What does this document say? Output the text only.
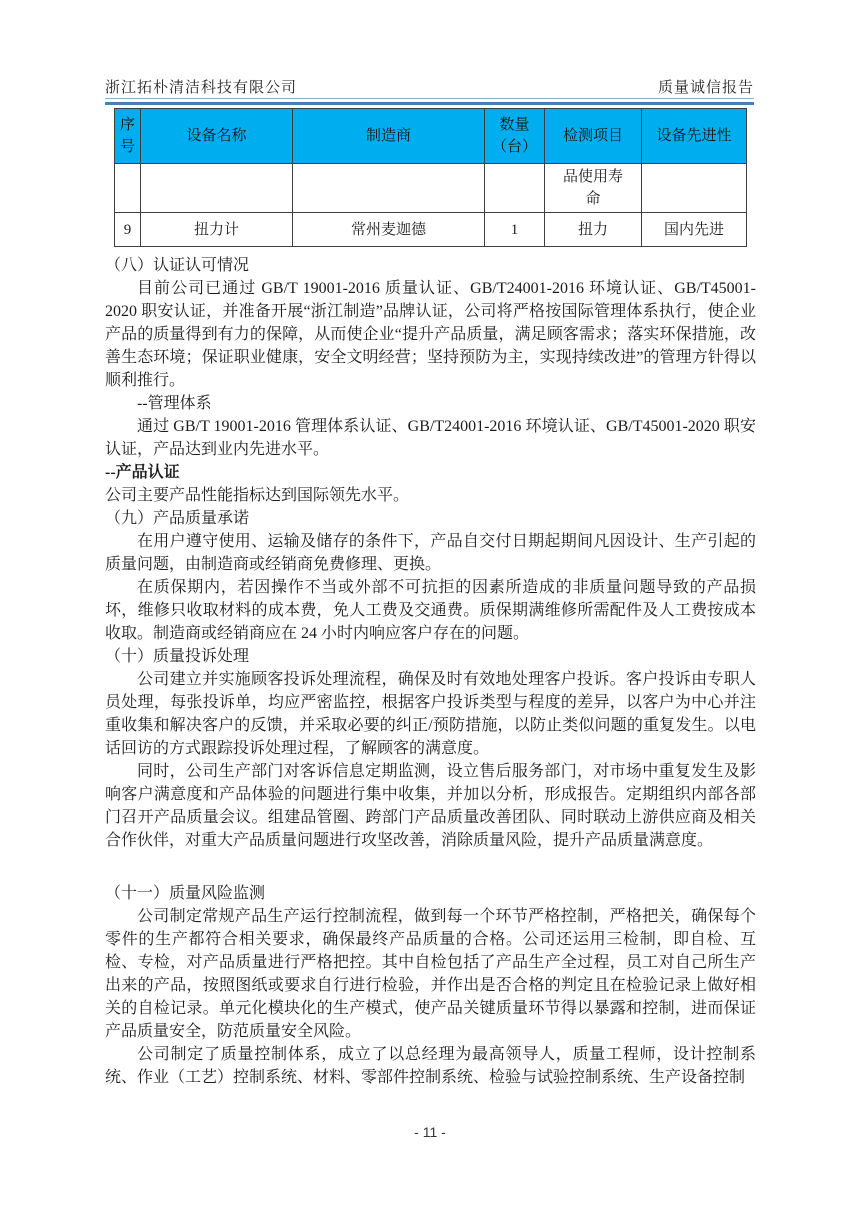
浙江拓朴清洁科技有限公司	质量诚信报告
序号	设备名称	制造商	数量（台）	检测项目	设备先进性
				品使用寿命	
9	扭力计	常州麦迦德	1	扭力	国内先进

（八）认证认可情况

目前公司已通过 GB/T 19001-2016 质量认证、GB/T24001-2016 环境认证、GB/T45001-2020 职安认证，并准备开展“浙江制造”品牌认证，公司将严格按国际管理体系执行，使企业产品的质量得到有力的保障，从而使企业“提升产品质量，满足顾客需求；落实环保措施，改善生态环境；保证职业健康，安全文明经营；坚持预防为主，实现持续改进”的管理方针得以顺利推行。

--管理体系

通过 GB/T 19001-2016 管理体系认证、GB/T24001-2016 环境认证、GB/T45001-2020 职安认证，产品达到业内先进水平。

--产品认证

公司主要产品性能指标达到国际领先水平。

（九）产品质量承诺

在用户遵守使用、运输及储存的条件下，产品自交付日期起期间凡因设计、生产引起的质量问题，由制造商或经销商免费修理、更换。

在质保期内，若因操作不当或外部不可抗拒的因素所造成的非质量问题导致的产品损坏，维修只收取材料的成本费，免人工费及交通费。质保期满维修所需配件及人工费按成本收取。制造商或经销商应在 24 小时内响应客户存在的问题。

（十）质量投诉处理

公司建立并实施顾客投诉处理流程，确保及时有效地处理客户投诉。客户投诉由专职人员处理，每张投诉单，均应严密监控，根据客户投诉类型与程度的差异，以客户为中心并注重收集和解决客户的反馈，并采取必要的纠正/预防措施，以防止类似问题的重复发生。以电话回访的方式跟踪投诉处理过程，了解顾客的满意度。

同时，公司生产部门对客诉信息定期监测，设立售后服务部门，对市场中重复发生及影响客户满意度和产品体验的问题进行集中收集，并加以分析，形成报告。定期组织内部各部门召开产品质量会议。组建品管圈、跨部门产品质量改善团队、同时联动上游供应商及相关合作伙伴，对重大产品质量问题进行攻坚改善，消除质量风险，提升产品质量满意度。

（十一）质量风险监测

公司制定常规产品生产运行控制流程，做到每一个环节严格控制，严格把关，确保每个零件的生产都符合相关要求，确保最终产品质量的合格。公司还运用三检制，即自检、互检、专检，对产品质量进行严格把控。其中自检包括了产品生产全过程，员工对自己所生产出来的产品，按照图纸或要求自行进行检验，并作出是否合格的判定且在检验记录上做好相关的自检记录。单元化模块化的生产模式，使产品关键质量环节得以暴露和控制，进而保证产品质量安全，防范质量安全风险。

公司制定了质量控制体系，成立了以总经理为最高领导人，质量工程师，设计控制系统、作业（工艺）控制系统、材料、零部件控制系统、检验与试验控制系统、生产设备控制

- 11 -
